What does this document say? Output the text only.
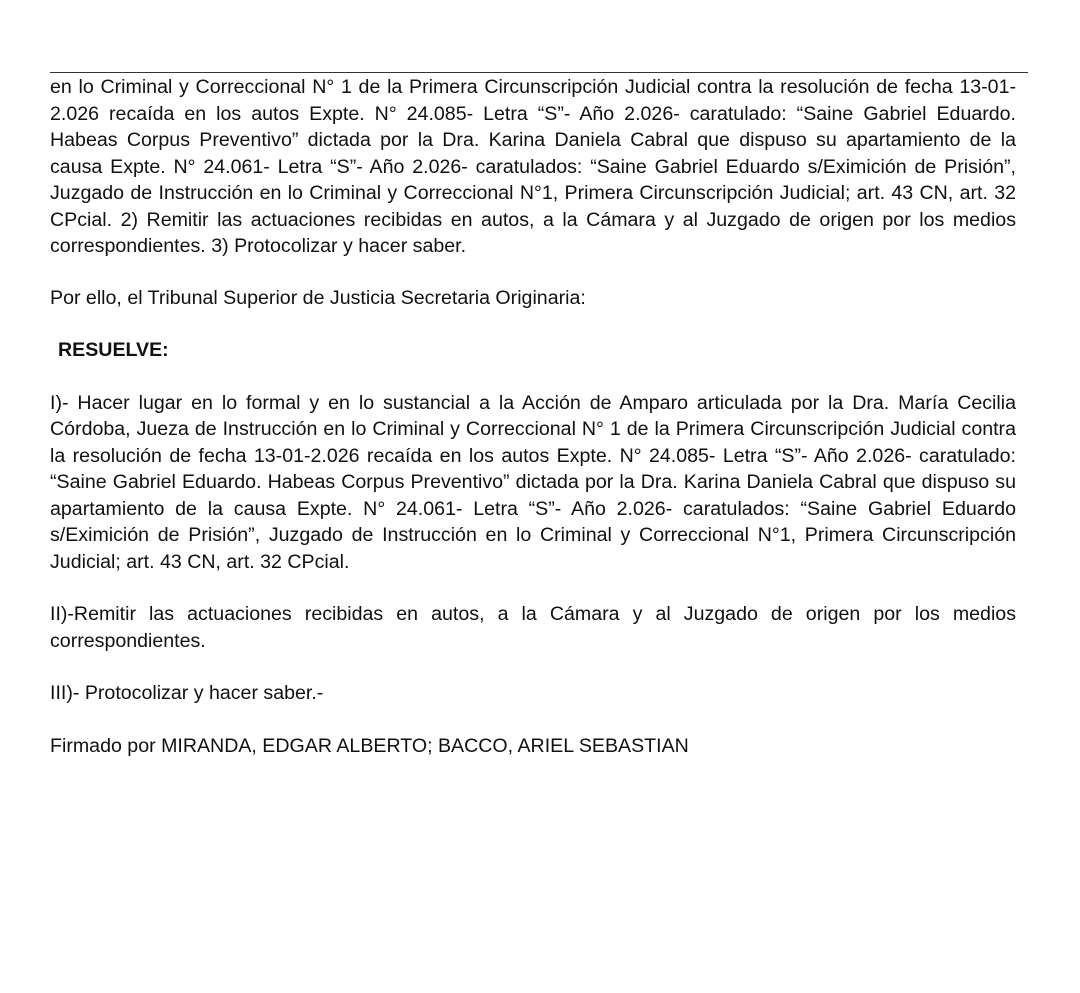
en lo Criminal y Correccional N° 1 de la Primera Circunscripción Judicial contra la resolución de fecha 13-01-2.026 recaída en los autos Expte. N° 24.085- Letra “S”- Año 2.026- caratulado: “Saine Gabriel Eduardo. Habeas Corpus Preventivo” dictada por la Dra. Karina Daniela Cabral que dispuso su apartamiento de la causa Expte. N° 24.061- Letra “S”- Año 2.026- caratulados: “Saine Gabriel Eduardo s/Eximición de Prisión”, Juzgado de Instrucción en lo Criminal y Correccional N°1, Primera Circunscripción Judicial; art. 43 CN, art. 32 CPcial. 2) Remitir las actuaciones recibidas en autos, a la Cámara y al Juzgado de origen por los medios correspondientes. 3) Protocolizar y hacer saber.

Por ello, el Tribunal Superior de Justicia Secretaria Originaria:

RESUELVE:

I)- Hacer lugar en lo formal y en lo sustancial a la Acción de Amparo articulada por la Dra. María Cecilia Córdoba, Jueza de Instrucción en lo Criminal y Correccional N° 1 de la Primera Circunscripción Judicial contra la resolución de fecha 13-01-2.026 recaída en los autos Expte. N° 24.085- Letra “S”- Año 2.026- caratulado: “Saine Gabriel Eduardo. Habeas Corpus Preventivo” dictada por la Dra. Karina Daniela Cabral que dispuso su apartamiento de la causa Expte. N° 24.061- Letra “S”- Año 2.026- caratulados: “Saine Gabriel Eduardo s/Eximición de Prisión”, Juzgado de Instrucción en lo Criminal y Correccional N°1, Primera Circunscripción Judicial; art. 43 CN, art. 32 CPcial.

II)-Remitir las actuaciones recibidas en autos, a la Cámara y al Juzgado de origen por los medios correspondientes.

III)- Protocolizar y hacer saber.-

Firmado por MIRANDA, EDGAR ALBERTO; BACCO, ARIEL SEBASTIAN
